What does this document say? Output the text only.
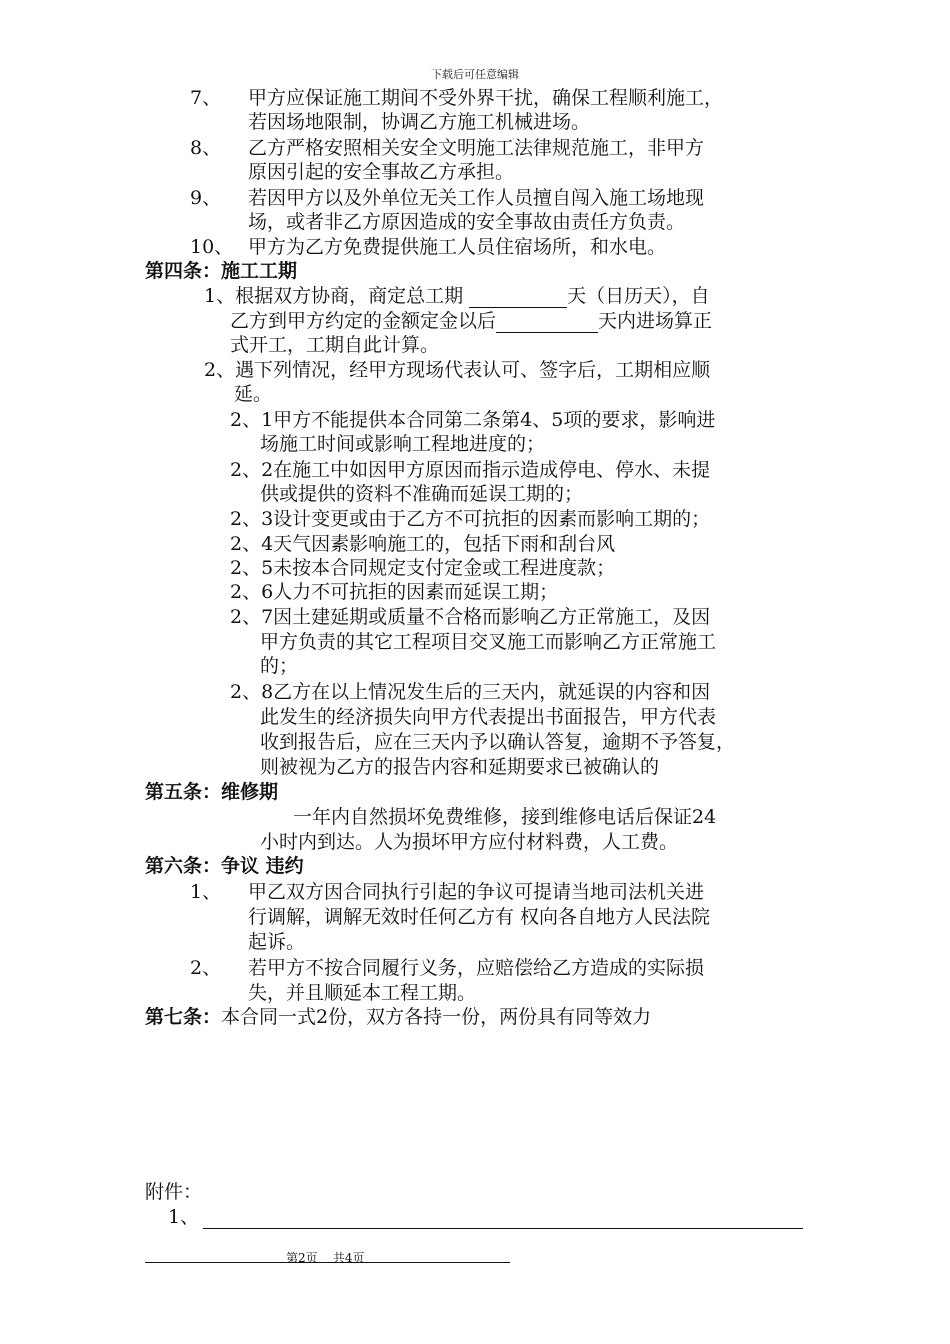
下载后可任意编辑
7、 甲方应保证施工期间不受外界干扰，确保工程顺利施工，
若因场地限制，协调乙方施工机械进场。
8、 乙方严格安照相关安全文明施工法律规范施工，非甲方
原因引起的安全事故乙方承担。
9、 若因甲方以及外单位无关工作人员擅自闯入施工场地现
场，或者非乙方原因造成的安全事故由责任方负责。
10、 甲方为乙方免费提供施工人员住宿场所，和水电。
第四条：施工工期
1、根据双方协商，商定总工期	天（日历天），自
乙方到甲方约定的金额定金以后	天内进场算正
式开工，工期自此计算。
2、遇下列情况，经甲方现场代表认可、签字后，工期相应顺
延。
2、1甲方不能提供本合同第二条第4、5项的要求，影响进
场施工时间或影响工程地进度的；
2、2在施工中如因甲方原因而指示造成停电、停水、未提
供或提供的资料不准确而延误工期的；
2、3设计变更或由于乙方不可抗拒的因素而影响工期的；
2、4天气因素影响施工的，包括下雨和刮台风
2、5未按本合同规定支付定金或工程进度款；
2、6人力不可抗拒的因素而延误工期；
2、7因土建延期或质量不合格而影响乙方正常施工，及因
甲方负责的其它工程项目交叉施工而影响乙方正常施工
的；
2、8乙方在以上情况发生后的三天内，就延误的内容和因
此发生的经济损失向甲方代表提出书面报告，甲方代表
收到报告后，应在三天内予以确认答复，逾期不予答复，
则被视为乙方的报告内容和延期要求已被确认的
第五条：维修期
一年内自然损坏免费维修，接到维修电话后保证24
小时内到达。人为损坏甲方应付材料费，人工费。
第六条：争议 违约
1、 甲乙双方因合同执行引起的争议可提请当地司法机关进
行调解，调解无效时任何乙方有 权向各自地方人民法院
起诉。
2、 若甲方不按合同履行义务，应赔偿给乙方造成的实际损
失，并且顺延本工程工期。
第七条：本合同一式2份，双方各持一份，两份具有同等效力
附件：
1、
第2页 共4页
